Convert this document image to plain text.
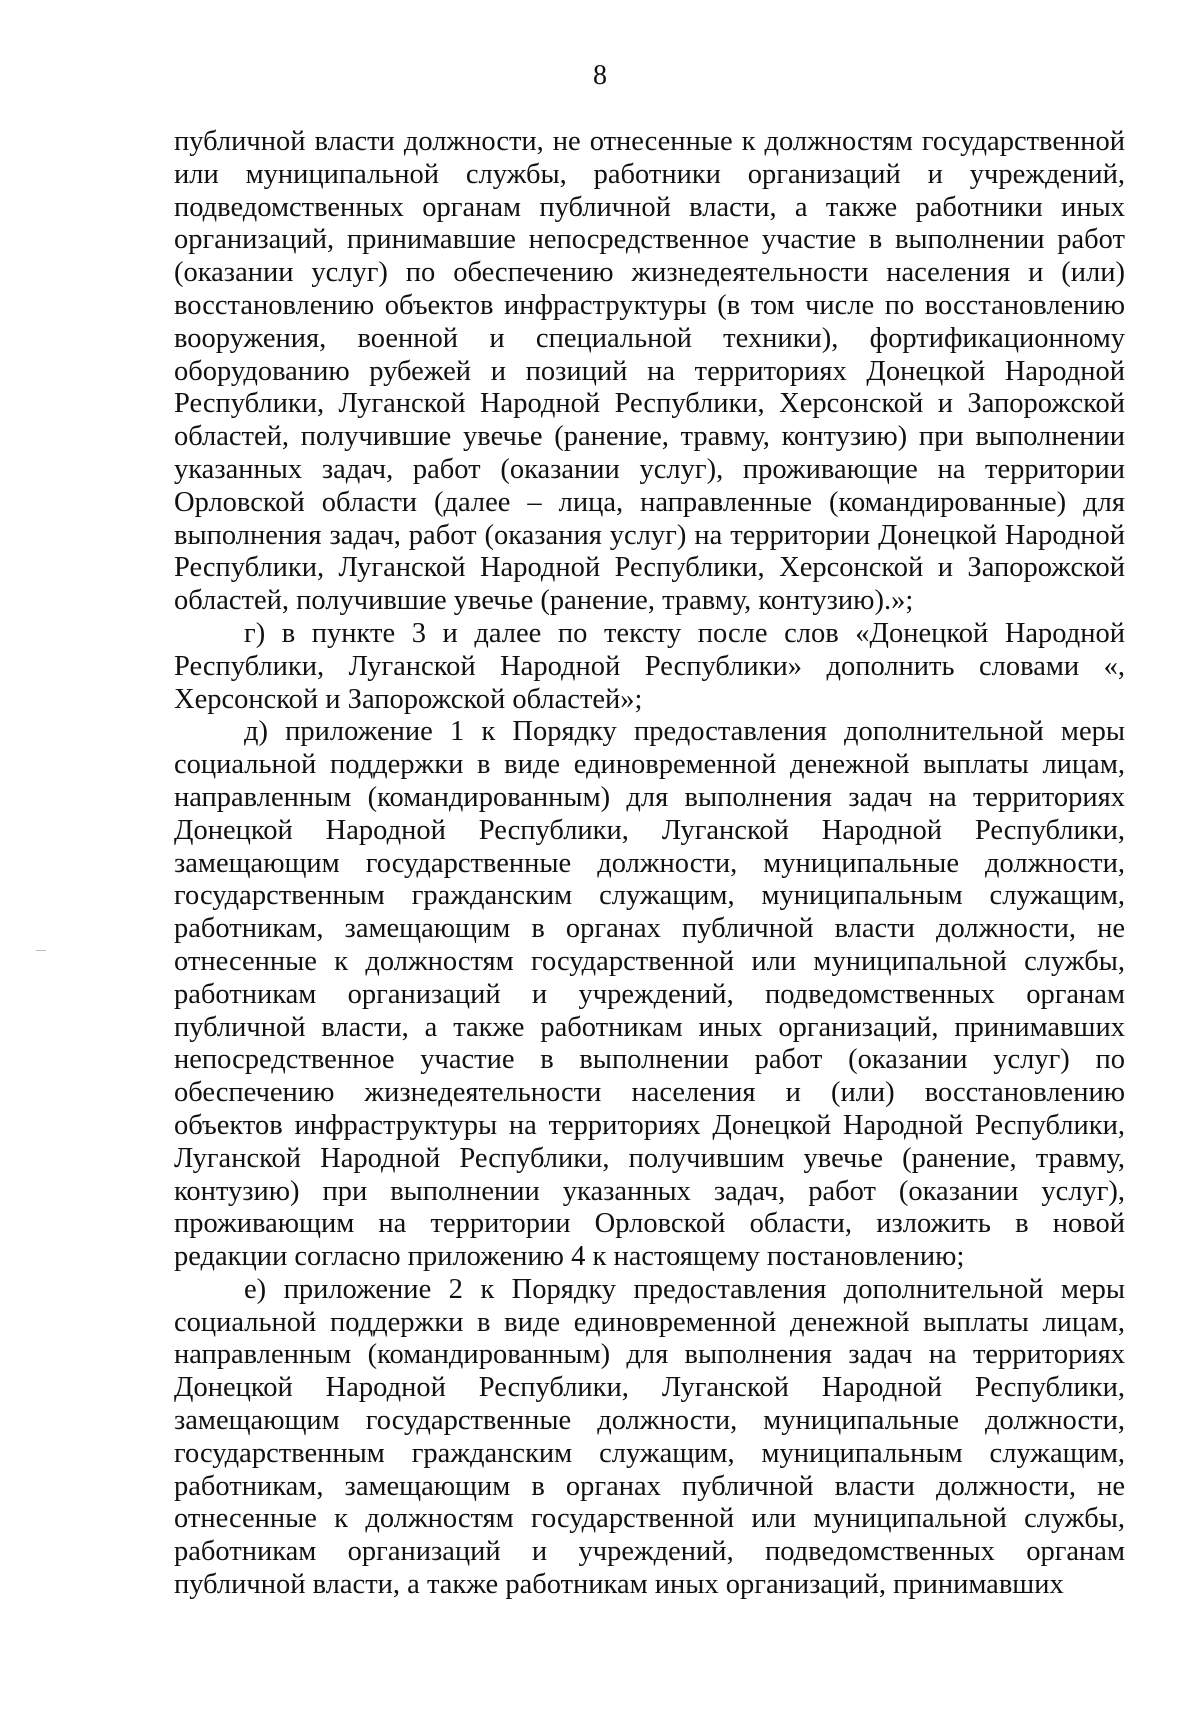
8

публичной власти должности, не отнесенные к должностям государственной или муниципальной службы, работники организаций и учреждений, подведомственных органам публичной власти, а также работники иных организаций, принимавшие непосредственное участие в выполнении работ (оказании услуг) по обеспечению жизнедеятельности населения и (или) восстановлению объектов инфраструктуры (в том числе по восстановлению вооружения, военной и специальной техники), фортификационному оборудованию рубежей и позиций на территориях Донецкой Народной Республики, Луганской Народной Республики, Херсонской и Запорожской областей, получившие увечье (ранение, травму, контузию) при выполнении указанных задач, работ (оказании услуг), проживающие на территории Орловской области (далее – лица, направленные (командированные) для выполнения задач, работ (оказания услуг) на территории Донецкой Народной Республики, Луганской Народной Республики, Херсонской и Запорожской областей, получившие увечье (ранение, травму, контузию).»;

г) в пункте 3 и далее по тексту после слов «Донецкой Народной Республики, Луганской Народной Республики» дополнить словами «, Херсонской и Запорожской областей»;

д) приложение 1 к Порядку предоставления дополнительной меры социальной поддержки в виде единовременной денежной выплаты лицам, направленным (командированным) для выполнения задач на территориях Донецкой Народной Республики, Луганской Народной Республики, замещающим государственные должности, муниципальные должности, государственным гражданским служащим, муниципальным служащим, работникам, замещающим в органах публичной власти должности, не отнесенные к должностям государственной или муниципальной службы, работникам организаций и учреждений, подведомственных органам публичной власти, а также работникам иных организаций, принимавших непосредственное участие в выполнении работ (оказании услуг) по обеспечению жизнедеятельности населения и (или) восстановлению объектов инфраструктуры на территориях Донецкой Народной Республики, Луганской Народной Республики, получившим увечье (ранение, травму, контузию) при выполнении указанных задач, работ (оказании услуг), проживающим на территории Орловской области, изложить в новой редакции согласно приложению 4 к настоящему постановлению;

е) приложение 2 к Порядку предоставления дополнительной меры социальной поддержки в виде единовременной денежной выплаты лицам, направленным (командированным) для выполнения задач на территориях Донецкой Народной Республики, Луганской Народной Республики, замещающим государственные должности, муниципальные должности, государственным гражданским служащим, муниципальным служащим, работникам, замещающим в органах публичной власти должности, не отнесенные к должностям государственной или муниципальной службы, работникам организаций и учреждений, подведомственных органам публичной власти, а также работникам иных организаций, принимавших
